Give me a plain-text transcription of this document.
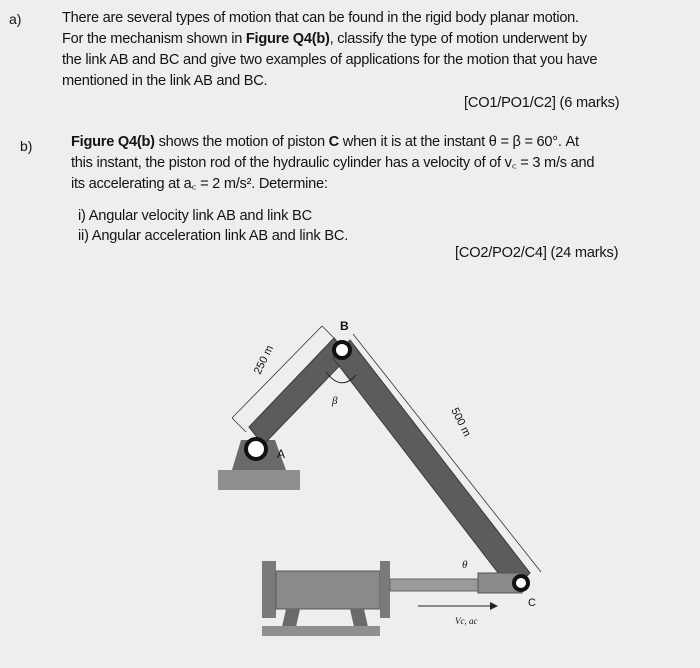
a)	There are several types of motion that can be found in the rigid body planar motion.
For the mechanism shown in Figure Q4(b), classify the type of motion underwent by
the link AB and BC and give two examples of applications for the motion that you have
mentioned in the link AB and BC.
[CO1/PO1/C2] (6 marks)
b)	Figure Q4(b) shows the motion of piston C when it is at the instant θ = β = 60°. At
this instant, the piston rod of the hydraulic cylinder has a velocity of of v꜀ = 3 m/s and
its accelerating at a꜀ = 2 m/s². Determine:
i) Angular velocity link AB and link BC
ii) Angular acceleration link AB and link BC.
[CO2/PO2/C4] (24 marks)
250 m
500 m
β
A
B
C
θ
Vc, ac
